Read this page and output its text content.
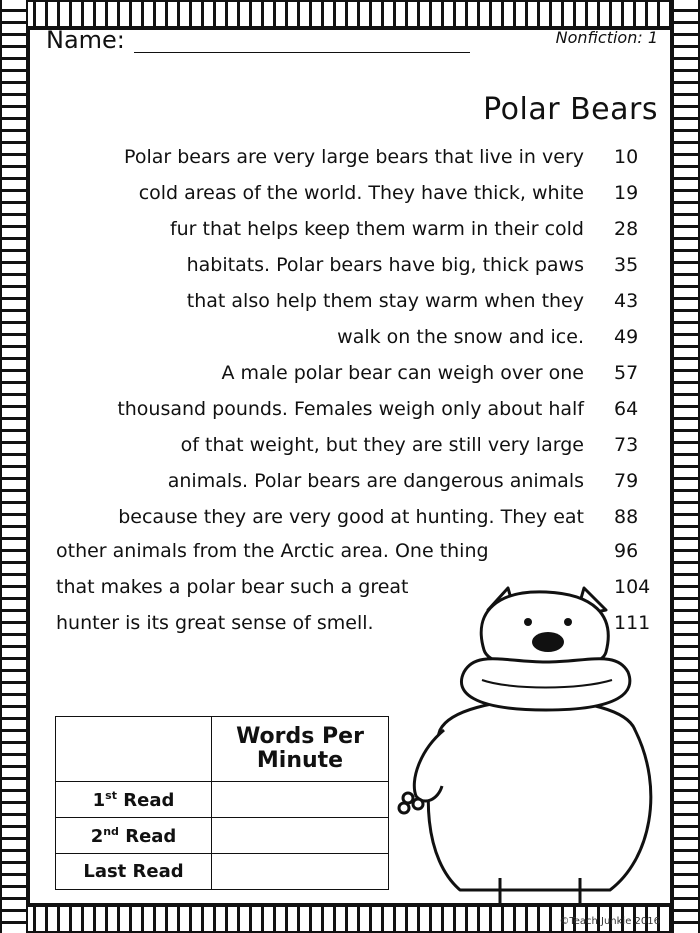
Name:	Nonfiction: 1
Polar Bears
Polar bears are very large bears that live in very 10
cold areas of the world. They have thick, white 19
fur that helps keep them warm in their cold 28
habitats. Polar bears have big, thick paws 35
that also help them stay warm when they 43
walk on the snow and ice. 49
A male polar bear can weigh over one 57
thousand pounds. Females weigh only about half 64
of that weight, but they are still very large 73
animals. Polar bears are dangerous animals 79
because they are very good at hunting. They eat 88
other animals from the Arctic area. One thing	96
that makes a polar bear such a great	104
hunter is its great sense of smell.	111
	Words Per Minute
1st Read	
2nd Read	
Last Read	
©Teach Junkie 2016
